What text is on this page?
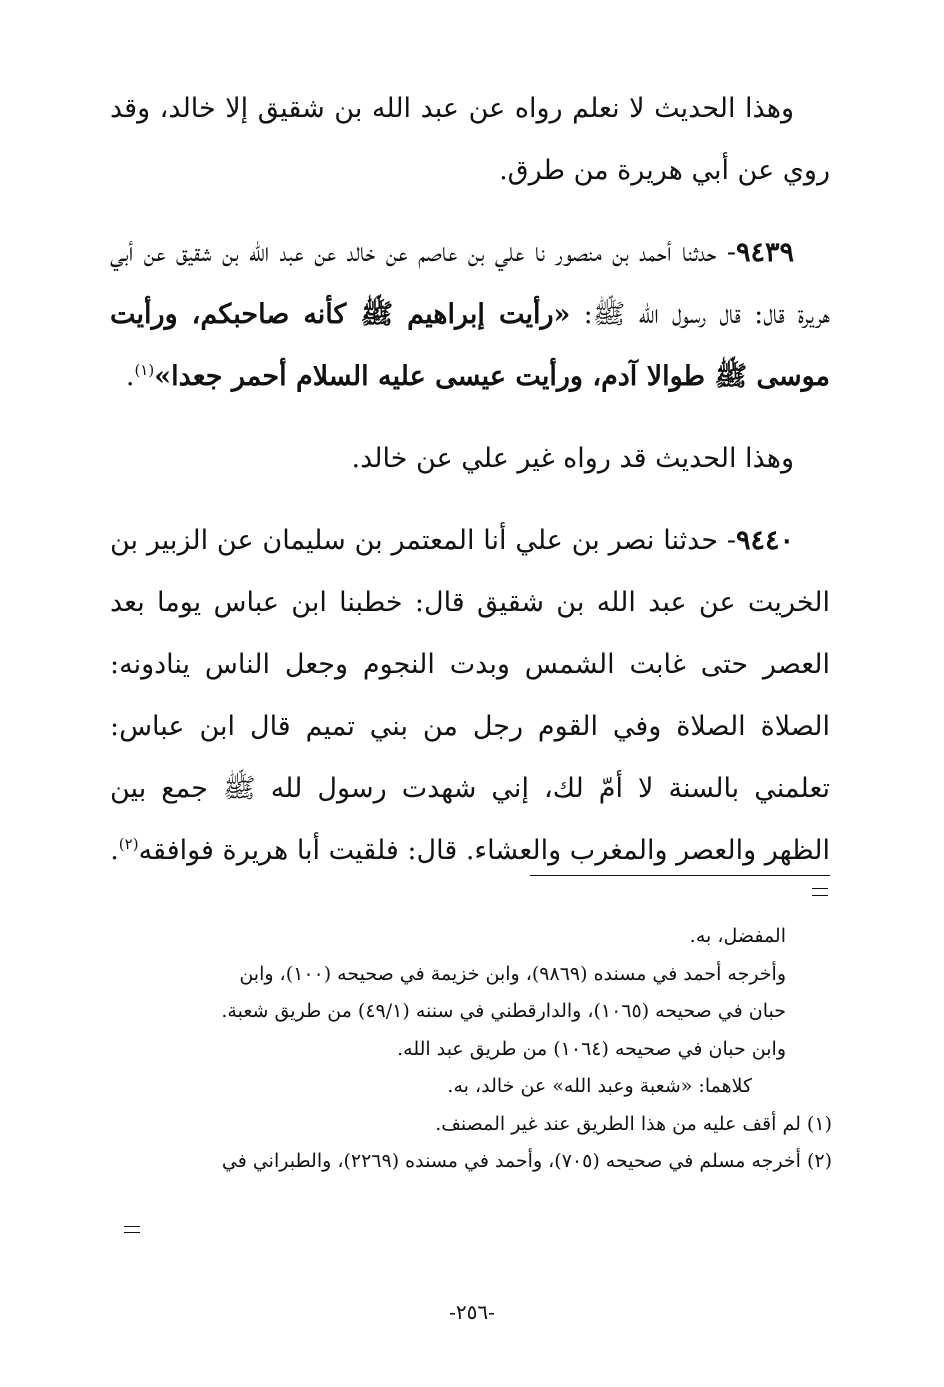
وهذا الحديث لا نعلم رواه عن عبد الله بن شقيق إلا خالد، وقد روي عن أبي هريرة من طرق.

٩٤٣٩- حدثنا أحمد بن منصور نا علي بن عاصم عن خالد عن عبد الله بن شقيق عن أبي هريرة قال: قال رسول الله ﷺ: «رأيت إبراهيم ﷺ كأنه صاحبكم، ورأيت موسى ﷺ طوالا آدم، ورأيت عيسى عليه السلام أحمر جعدا»$^{(١)}$.

وهذا الحديث قد رواه غير علي عن خالد.

٩٤٤٠- حدثنا نصر بن علي أنا المعتمر بن سليمان عن الزبير بن الخريت عن عبد الله بن شقيق قال: خطبنا ابن عباس يوما بعد العصر حتى غابت الشمس وبدت النجوم وجعل الناس ينادونه: الصلاة الصلاة وفي القوم رجل من بني تميم قال ابن عباس: تعلمني بالسنة لا أمّ لك، إني شهدت رسول لله ﷺ جمع بين الظهر والعصر والمغرب والعشاء. قال: فلقيت أبا هريرة فوافقه$^{(٢)}$.

المفضل، به.

وأخرجه أحمد في مسنده (٩٨٦٩)، وابن خزيمة في صحيحه (١٠٠)، وابن

حبان في صحيحه (١٠٦٥)، والدارقطني في سننه (٤٩/١) من طريق شعبة.

وابن حبان في صحيحه (١٠٦٤) من طريق عبد الله.

كلاهما: «شعبة وعبد الله» عن خالد، به.

(١) لم أقف عليه من هذا الطريق عند غير المصنف.

(٢) أخرجه مسلم في صحيحه (٧٠٥)، وأحمد في مسنده (٢٢٦٩)، والطبراني في

-٢٥٦-
